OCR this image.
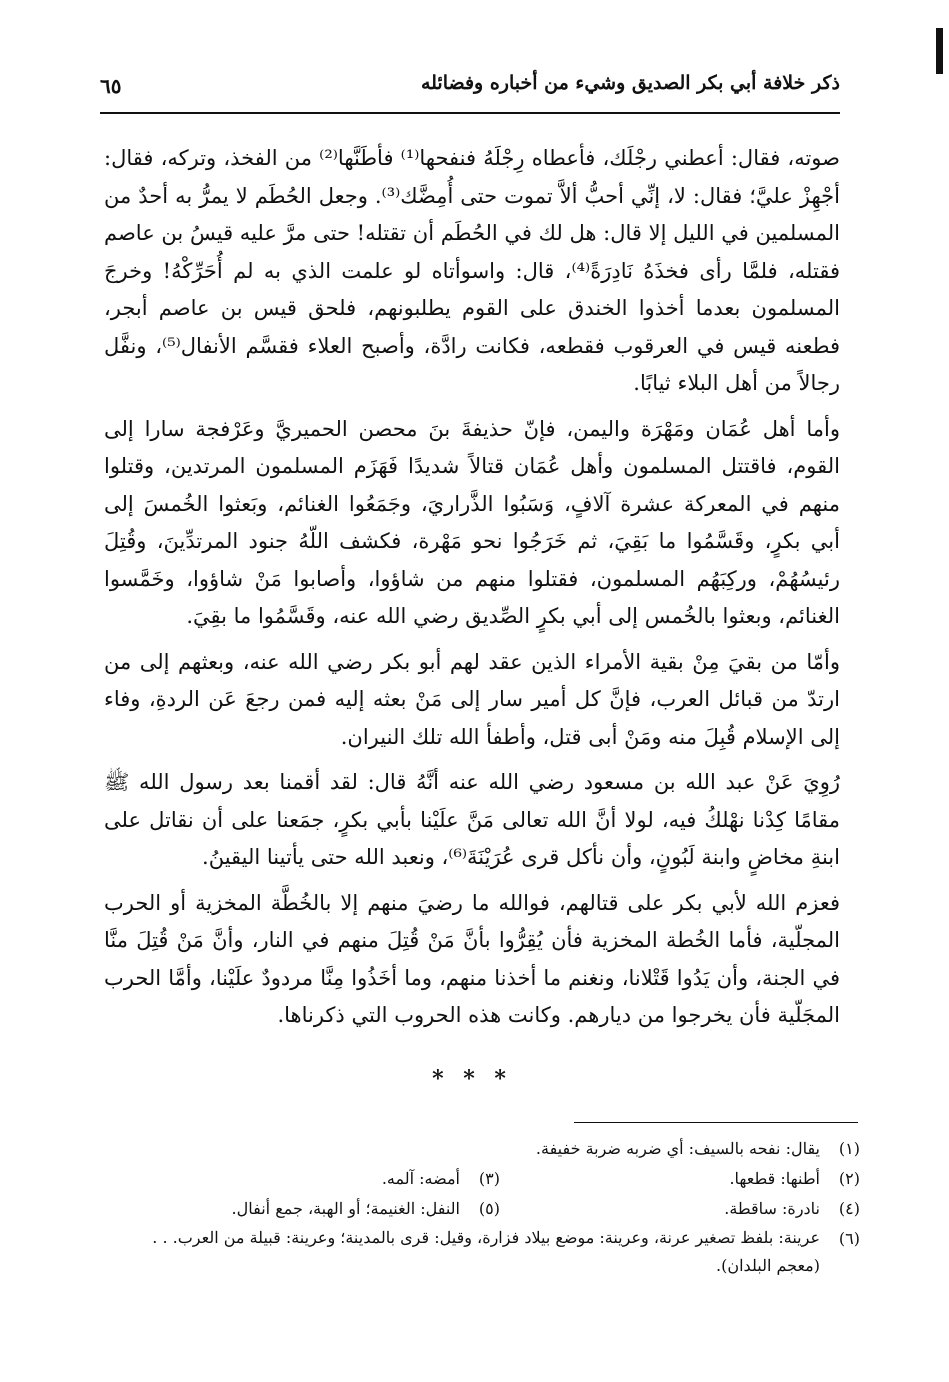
ذكر خلافة أبي بكر الصديق وشيء من أخباره وفضائله
٦٥

صوته، فقال: أعطني رجْلَك، فأعطاه رِجْلَهُ فنفحها⁽¹⁾ فأطَنَّها⁽²⁾ من الفخذ، وتركه، فقال: أجْهِزْ عليَّ؛ فقال: لا، إنِّي أحبُّ ألاَّ تموت حتى أُمِضَّك⁽³⁾. وجعل الحُطَم لا يمرُّ به أحدٌ من المسلمين في الليل إلا قال: هل لك في الحُطَم أن تقتله! حتى مرَّ عليه قيسُ بن عاصم فقتله، فلمَّا رأى فخذَهُ نَادِرَةً⁽⁴⁾، قال: واسوأتاه لو علمت الذي به لم أُحَرِّكْهُ! وخرجَ المسلمون بعدما أخذوا الخندق على القوم يطلبونهم، فلحق قيس بن عاصم أبجر، فطعنه قيس في العرقوب فقطعه، فكانت رادَّة، وأصبح العلاء فقسَّم الأنفال⁽⁵⁾، ونفَّل رجالاً من أهل البلاء ثيابًا.

وأما أهل عُمَان ومَهْرَة واليمن، فإنّ حذيفةَ بنَ محصن الحميريَّ وعَرْفجة سارا إلى القوم، فاقتتل المسلمون وأهل عُمَان قتالاً شديدًا فَهَزَم المسلمون المرتدين، وقتلوا منهم في المعركة عشرة آلافٍ، وَسَبُوا الذَّراريَ، وجَمَعُوا الغنائم، وبَعثوا الخُمسَ إلى أبي بكرٍ، وقَسَّمُوا ما بَقِيَ، ثم خَرَجُوا نحو مَهْرة، فكشف اللّهُ جنود المرتدِّينَ، وقُتِلَ رئيسُهُمْ، وركِبَهُم المسلمون، فقتلوا منهم من شاؤوا، وأصابوا مَنْ شاؤوا، وخَمَّسوا الغنائم، وبعثوا بالخُمس إلى أبي بكرٍ الصِّديق رضي الله عنه، وقَسَّمُوا ما بقِيَ.

وأمّا من بقيَ مِنْ بقية الأمراء الذين عقد لهم أبو بكر رضي الله عنه، وبعثهم إلى من ارتدّ من قبائل العرب، فإنَّ كل أمير سار إلى مَنْ بعثه إليه فمن رجعَ عَن الردةِ، وفاء إلى الإسلام قُبِلَ منه ومَنْ أبى قتل، وأطفأ الله تلك النيران.

رُوِيَ عَنْ عبد الله بن مسعود رضي الله عنه أنَّهُ قال: لقد أقمنا بعد رسول الله ﷺ مقامًا كِدْنا نهْلكُ فيه، لولا أنَّ الله تعالى مَنَّ علَيْنا بأبي بكرٍ، جمَعنا على أن نقاتل على ابنةِ مخاضٍ وابنة لَبُونٍ، وأن نأكل قرى عُرَيْنَةَ⁽⁶⁾، ونعبد الله حتى يأتينا اليقينُ.

فعزم الله لأبي بكر على قتالهم، فوالله ما رضيَ منهم إلا بالخُطَّة المخزية أو الحرب المجلّية، فأما الخُطة المخزية فأن يُقِرُّوا بأنَّ مَنْ قُتِلَ منهم في النار، وأنَّ مَنْ قُتِلَ منَّا في الجنة، وأن يَدُوا قَتْلانا، ونغنم ما أخذنا منهم، وما أخَذُوا مِنَّا مردودٌ علَيْنا، وأمَّا الحرب المجَلّية فأن يخرجوا من ديارهم. وكانت هذه الحروب التي ذكرناها.

* * *
(١)
يقال: نفحه بالسيف: أي ضربه ضربة خفيفة.
(٢)
أطنها: قطعها.
(٣)
أمضه: آلمه.
(٤)
نادرة: ساقطة.
(٥)
النفل: الغنيمة؛ أو الهبة، جمع أنفال.
(٦)
عرينة: بلفظ تصغير عرنة، وعرينة: موضع بيلاد فزارة، وقيل: قرى بالمدينة؛ وعرينة: قبيلة من العرب. . . (معجم البلدان).
